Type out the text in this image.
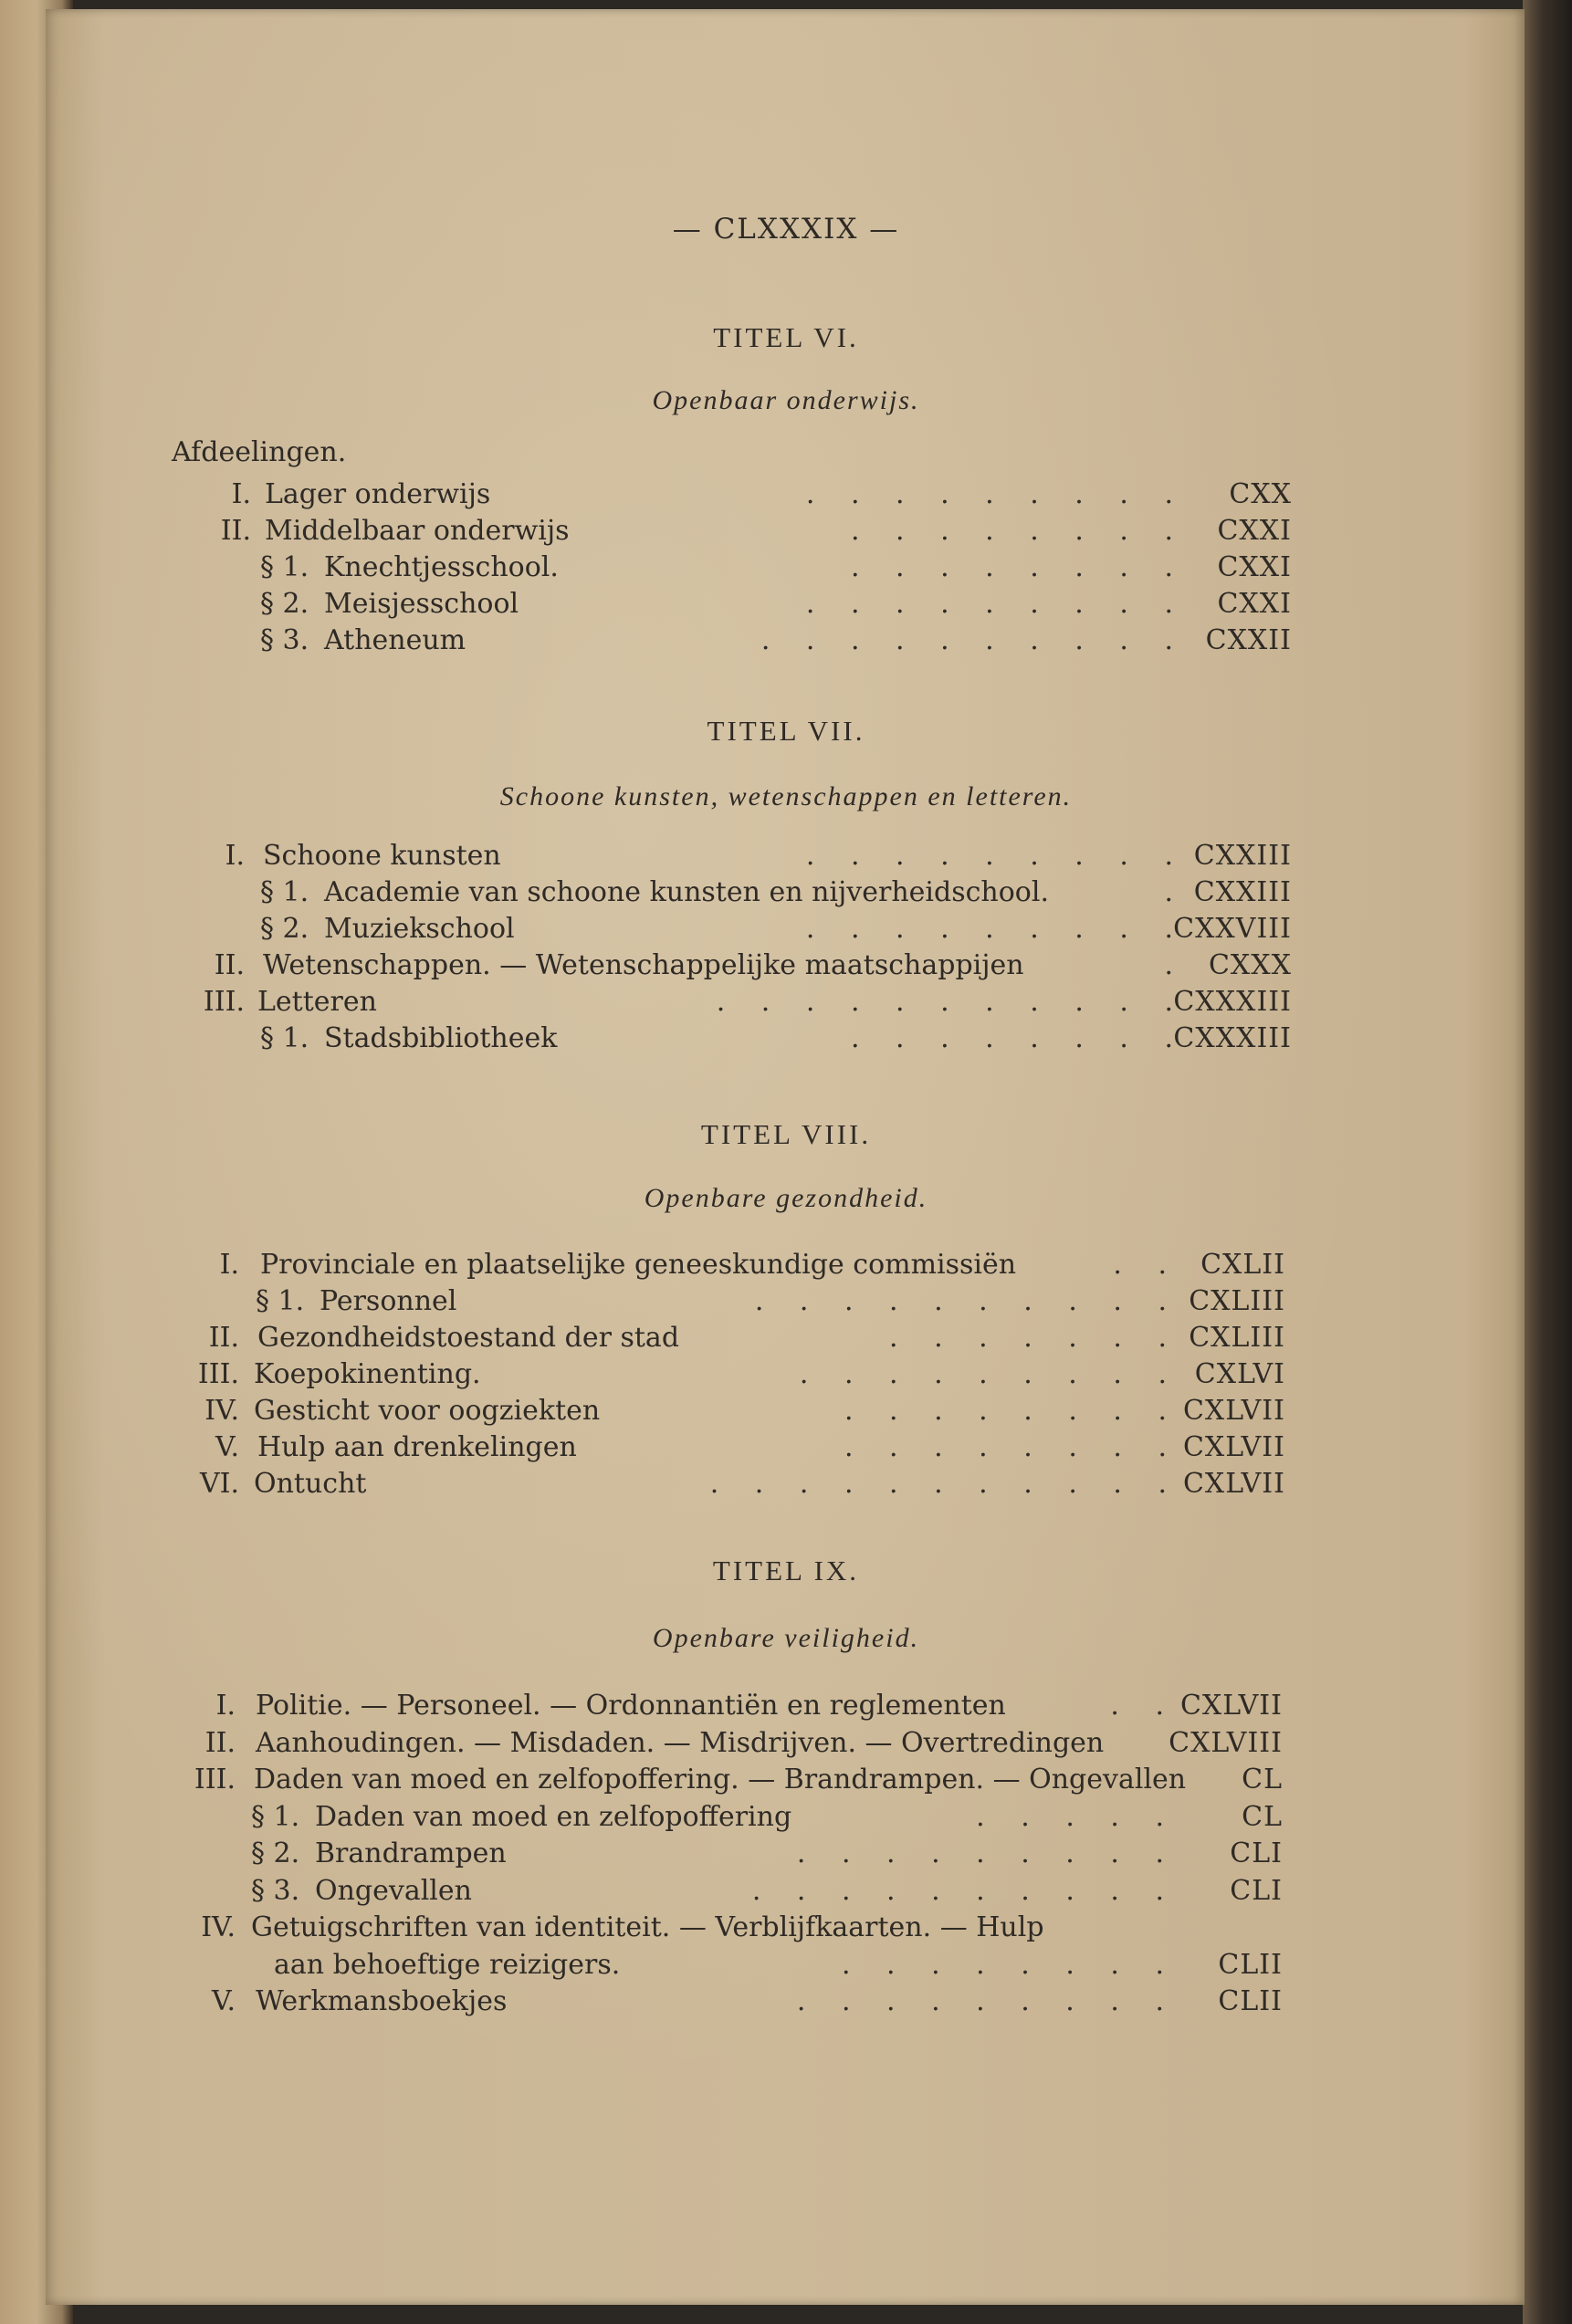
— CLXXXIX —
TITEL VI.
Openbaar onderwijs.
Afdeelingen.
I. Lager onderwijs	.  .  .  .  .  .  .  .  . CXX
II. Middelbaar onderwijs	.  .  .  .  .  .  .  . CXXI
§ 1. Knechtjesschool.	.  .  .  .  .  .  .  . CXXI
§ 2. Meisjesschool	.  .  .  .  .  .  .  .  . CXXI
§ 3. Atheneum	.  .  .  .  .  .  .  .  .  . CXXII
TITEL VII.
Schoone kunsten, wetenschappen en letteren.
I. Schoone kunsten	.  .  .  .  .  .  .  .  . CXXIII
§ 1. Academie van schoone kunsten en nijverheidschool.	. CXXIII
§ 2. Muziekschool	.  .  .  .  .  .  .  .  . CXXVIII
II. Wetenschappen. — Wetenschappelijke maatschappijen	. CXXX
III. Letteren	.  .  .  .  .  .  .  .  .  .  . CXXXIII
§ 1. Stadsbibliotheek	.  .  .  .  .  .  .  . CXXXIII
TITEL VIII.
Openbare gezondheid.
I. Provinciale en plaatselijke geneeskundige commissiën	.  . CXLII
§ 1. Personnel	.  .  .  .  .  .  .  .  .  . CXLIII
II. Gezondheidstoestand der stad	.  .  .  .  .  .  . CXLIII
III. Koepokinenting.	.  .  .  .  .  .  .  .  . CXLVI
IV. Gesticht voor oogziekten	.  .  .  .  .  .  .  . CXLVII
V. Hulp aan drenkelingen	.  .  .  .  .  .  .  . CXLVII
VI. Ontucht	.  .  .  .  .  .  .  .  .  .  . CXLVII
TITEL IX.
Openbare veiligheid.
I. Politie. — Personeel. — Ordonnantiën en reglementen	.  . CXLVII
II. Aanhoudingen. — Misdaden. — Misdrijven. — Overtredingen CXLVIII
III. Daden van moed en zelfopoffering. — Brandrampen. — Ongevallen CL
§ 1. Daden van moed en zelfopoffering	.  .  .  .  .	CL
§ 2. Brandrampen	.  .  .  .  .  .  .  .  . CLI
§ 3. Ongevallen	.  .  .  .  .  .  .  .  .  . CLI
IV. Getuigschriften van identiteit. — Verblijfkaarten. — Hulp
aan behoeftige reizigers.	.  .  .  .  .  .  .  . CLII
V. Werkmansboekjes	.  .  .  .  .  .  .  .  . CLII
